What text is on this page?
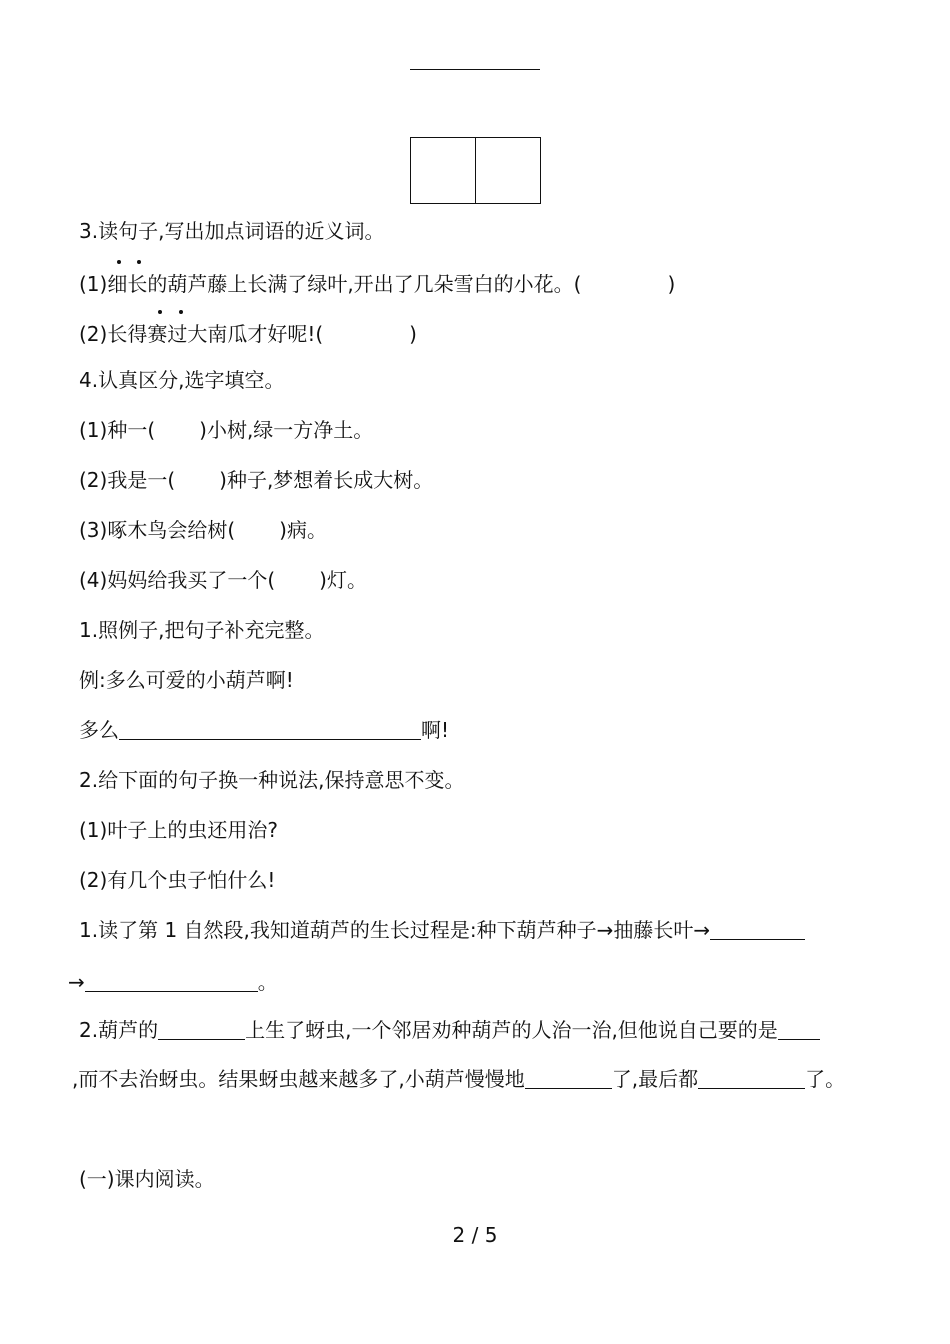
3.读句子,写出加点词语的近义词。
(1)细长的葫芦藤上长满了绿叶,开出了几朵雪白的小花。(	)
(2)长得赛过大南瓜才好呢!(	)
4.认真区分,选字填空。
(1)种一( )小树,绿一方净土。
(2)我是一( )种子,梦想着长成大树。
(3)啄木鸟会给树( )病。
(4)妈妈给我买了一个( )灯。
1.照例子,把句子补充完整。
例:多么可爱的小葫芦啊!
多么	啊!
2.给下面的句子换一种说法,保持意思不变。
(1)叶子上的虫还用治?
(2)有几个虫子怕什么!
1.读了第 1 自然段,我知道葫芦的生长过程是:种下葫芦种子→抽藤长叶→
→	。
2.葫芦的	上生了蚜虫,一个邻居劝种葫芦的人治一治,但他说自己要的是
,而不去治蚜虫。结果蚜虫越来越多了,小葫芦慢慢地	了,最后都	了。
(一)课内阅读。
2 / 5
